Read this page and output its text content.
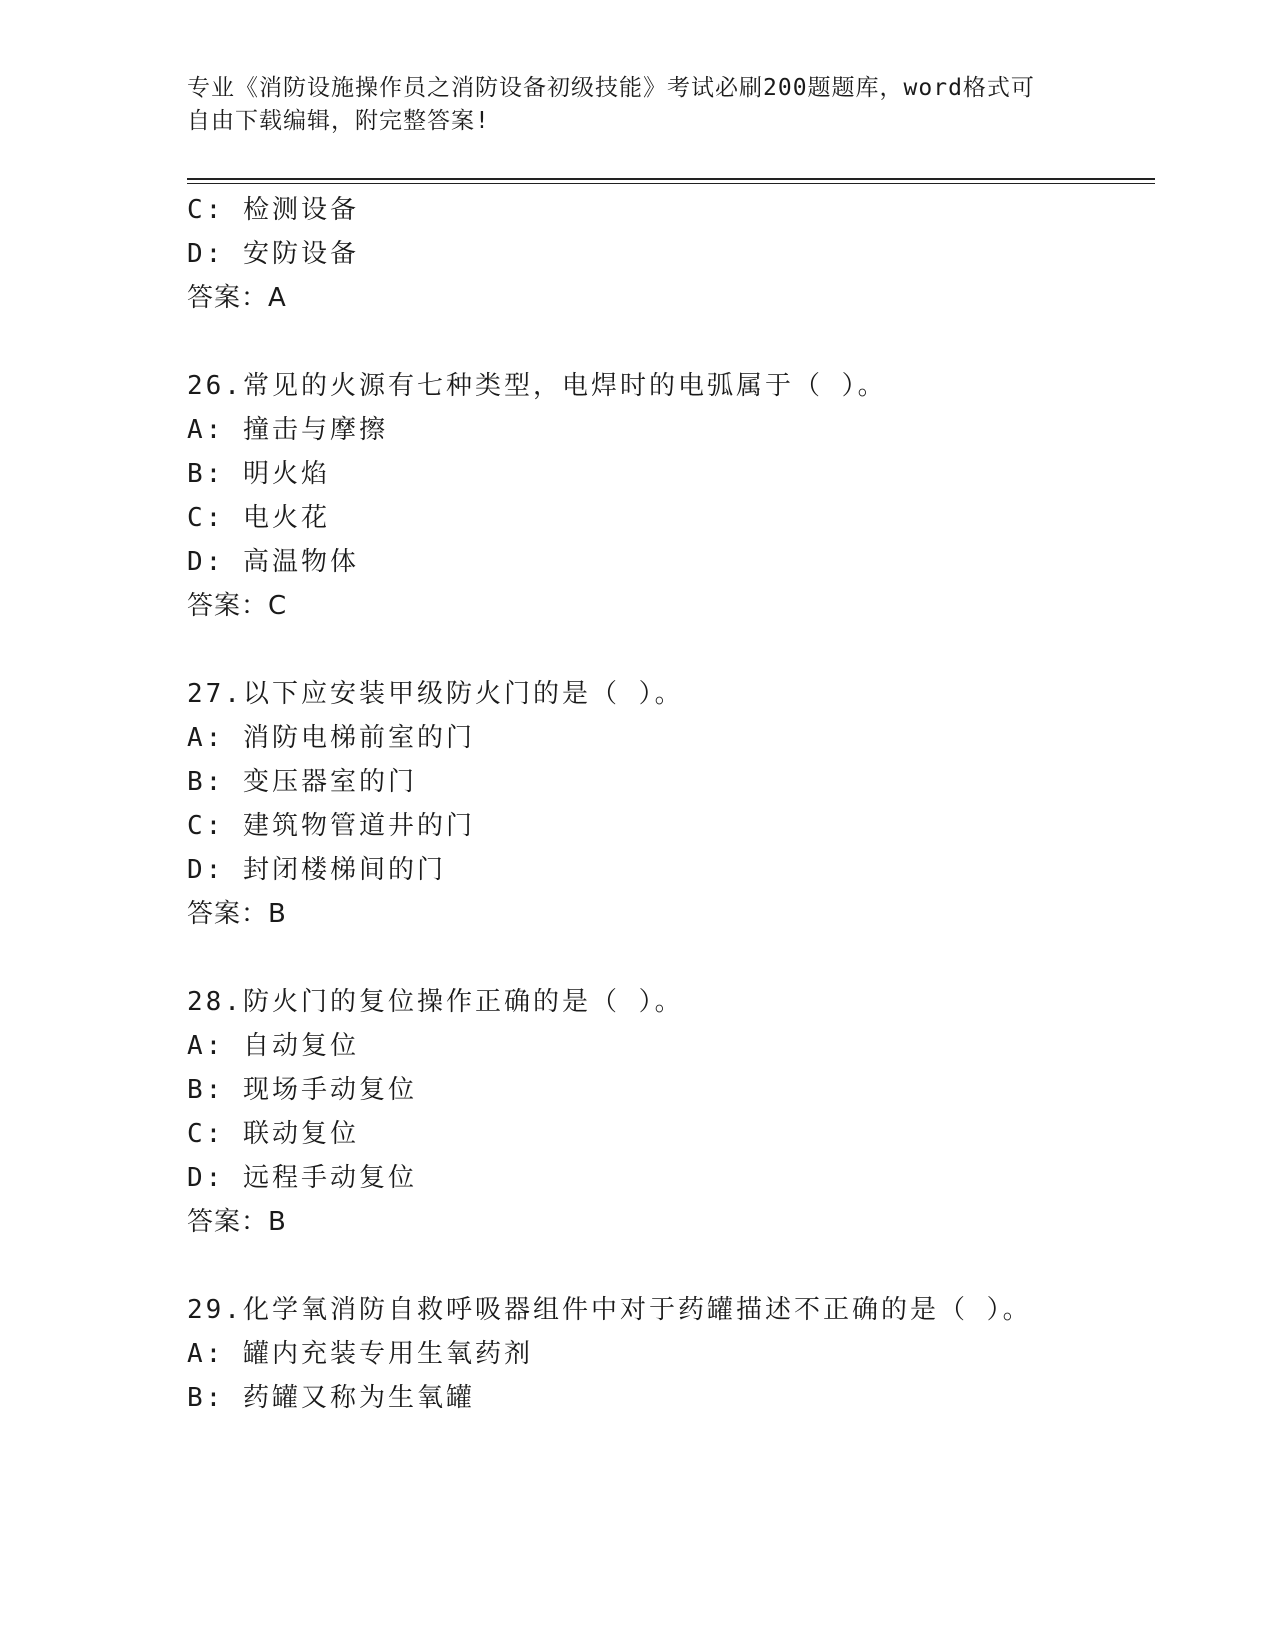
专业《消防设施操作员之消防设备初级技能》考试必刷200题题库，word格式可
自由下载编辑，附完整答案!
C: 检测设备
D: 安防设备
答案：A
26.常见的火源有七种类型，电焊时的电弧属于（ ）。
A: 撞击与摩擦
B: 明火焰
C: 电火花
D: 高温物体
答案：C
27.以下应安装甲级防火门的是（ ）。
A: 消防电梯前室的门
B: 变压器室的门
C: 建筑物管道井的门
D: 封闭楼梯间的门
答案：B
28.防火门的复位操作正确的是（ ）。
A: 自动复位
B: 现场手动复位
C: 联动复位
D: 远程手动复位
答案：B
29.化学氧消防自救呼吸器组件中对于药罐描述不正确的是（ ）。
A: 罐内充装专用生氧药剂
B: 药罐又称为生氧罐
